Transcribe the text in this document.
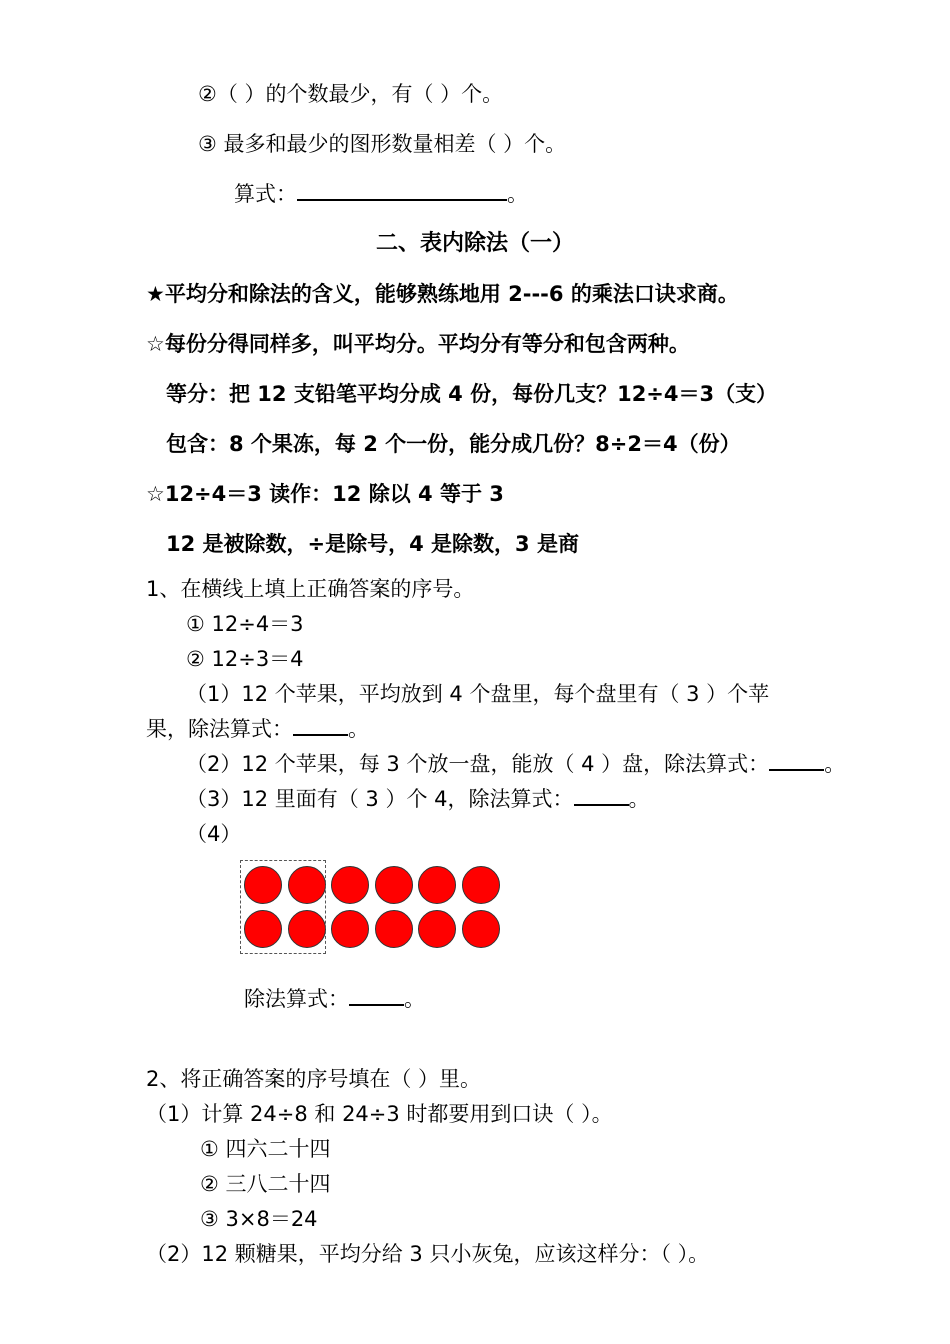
②（ ）的个数最少，有（ ）个。
③ 最多和最少的图形数量相差（ ）个。
算式：	。
二、表内除法（一）
★平均分和除法的含义，能够熟练地用 2---6 的乘法口诀求商。
☆每份分得同样多，叫平均分。平均分有等分和包含两种。
等分：把 12 支铅笔平均分成 4 份，每份几支？12÷4＝3（支）
包含：8 个果冻，每 2 个一份，能分成几份？8÷2＝4（份）
☆12÷4＝3 读作：12 除以 4 等于 3
12 是被除数，÷是除号，4 是除数，3 是商
1、在横线上填上正确答案的序号。
① 12÷4＝3
② 12÷3＝4
（1）12 个苹果，平均放到 4 个盘里，每个盘里有（ 3 ）个苹
果，除法算式：	。
（2）12 个苹果，每 3 个放一盘，能放（ 4 ）盘，除法算式：	。
（3）12 里面有（ 3 ）个 4，除法算式：	。
（4）
除法算式：	。
2、将正确答案的序号填在（ ）里。
（1）计算 24÷8 和 24÷3 时都要用到口诀（ ）。
① 四六二十四
② 三八二十四
③ 3×8＝24
（2）12 颗糖果，平均分给 3 只小灰兔，应该这样分：（ ）。
